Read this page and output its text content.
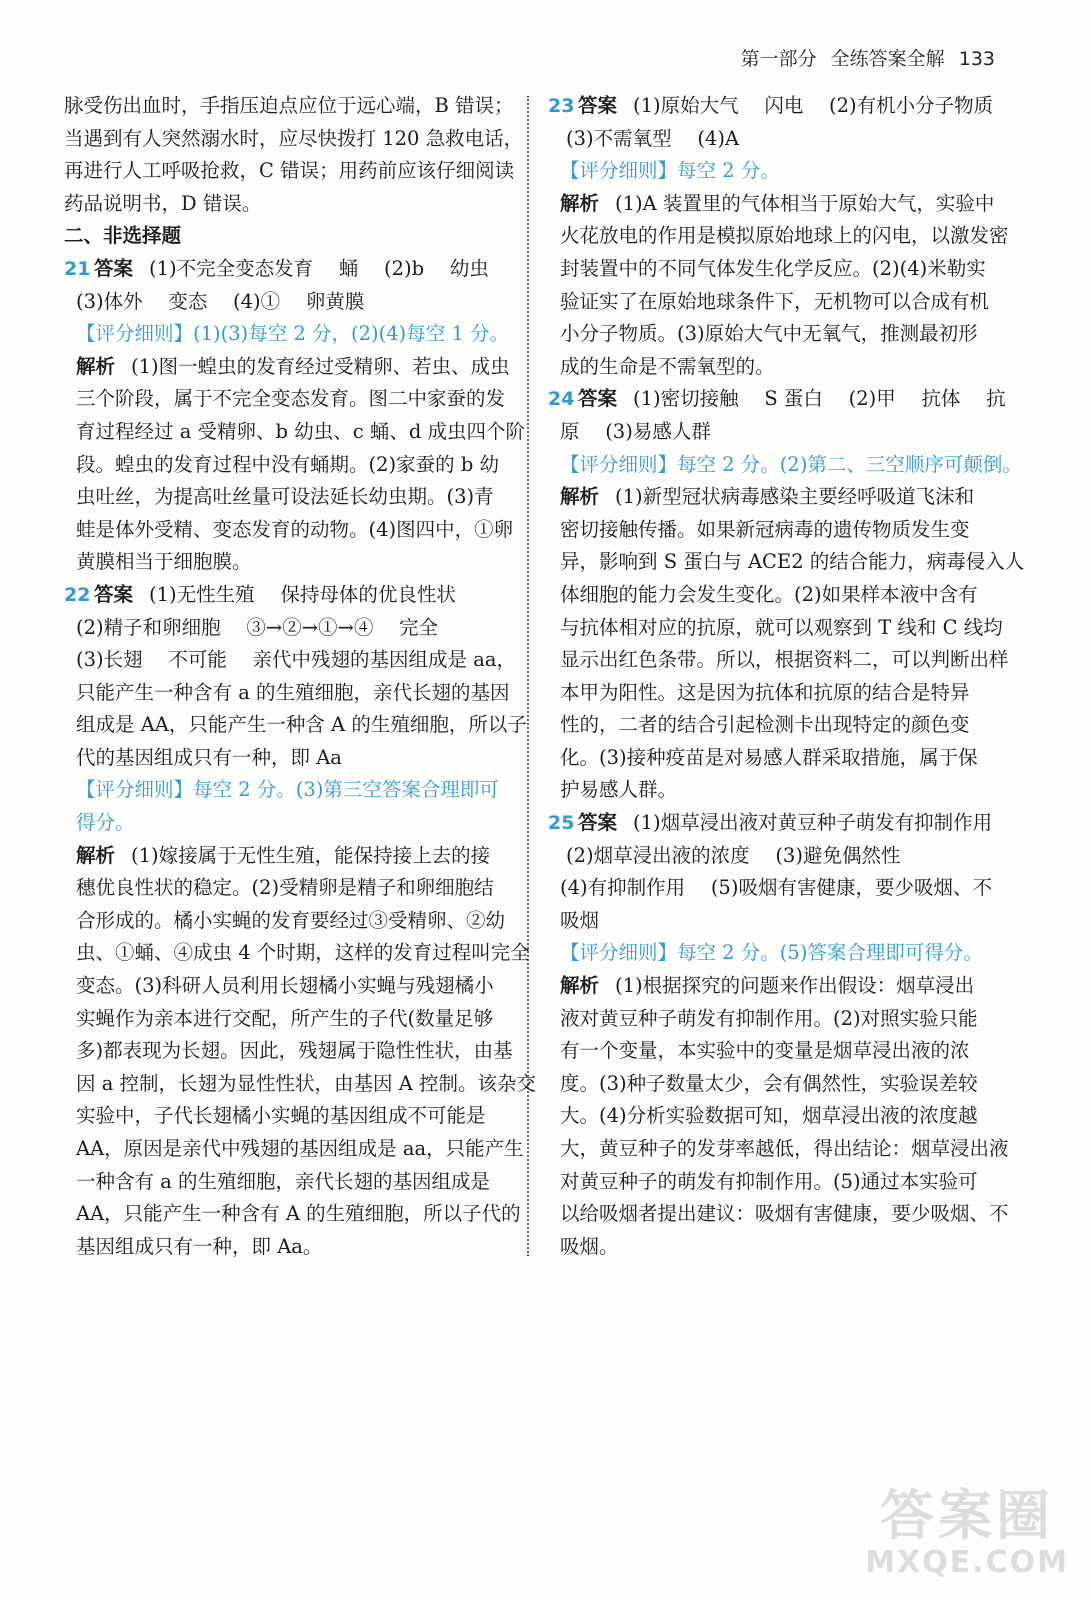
第一部分 全练答案全解 133
脉受伤出血时，手指压迫点应位于远心端，B 错误；
当遇到有人突然溺水时，应尽快拨打 120 急救电话，
再进行人工呼吸抢救，C 错误；用药前应该仔细阅读
药品说明书，D 错误。
二、非选择题
21 答案 (1)不完全变态发育　 蛹　 (2)b　 幼虫
(3)体外　 变态　 (4)①　 卵黄膜
【评分细则】(1)(3)每空 2 分，(2)(4)每空 1 分。
解析 (1)图一蝗虫的发育经过受精卵、若虫、成虫
三个阶段，属于不完全变态发育。图二中家蚕的发
育过程经过 a 受精卵、b 幼虫、c 蛹、d 成虫四个阶
段。蝗虫的发育过程中没有蛹期。(2)家蚕的 b 幼
虫吐丝，为提高吐丝量可设法延长幼虫期。(3)青
蛙是体外受精、变态发育的动物。(4)图四中，①卵
黄膜相当于细胞膜。
22 答案 (1)无性生殖　 保持母体的优良性状
(2)精子和卵细胞　 ③→②→①→④　 完全
(3)长翅　 不可能　 亲代中残翅的基因组成是 aa，
只能产生一种含有 a 的生殖细胞，亲代长翅的基因
组成是 AA，只能产生一种含 A 的生殖细胞，所以子
代的基因组成只有一种，即 Aa
【评分细则】每空 2 分。(3)第三空答案合理即可
得分。
解析 (1)嫁接属于无性生殖，能保持接上去的接
穗优良性状的稳定。(2)受精卵是精子和卵细胞结
合形成的。橘小实蝇的发育要经过③受精卵、②幼
虫、①蛹、④成虫 4 个时期，这样的发育过程叫完全
变态。(3)科研人员利用长翅橘小实蝇与残翅橘小
实蝇作为亲本进行交配，所产生的子代(数量足够
多)都表现为长翅。因此，残翅属于隐性性状，由基
因 a 控制，长翅为显性性状，由基因 A 控制。该杂交
实验中，子代长翅橘小实蝇的基因组成不可能是
AA，原因是亲代中残翅的基因组成是 aa，只能产生
一种含有 a 的生殖细胞，亲代长翅的基因组成是
AA，只能产生一种含有 A 的生殖细胞，所以子代的
基因组成只有一种，即 Aa。
23 答案 (1)原始大气　 闪电　 (2)有机小分子物质
(3)不需氧型　 (4)A
【评分细则】每空 2 分。
解析 (1)A 装置里的气体相当于原始大气，实验中
火花放电的作用是模拟原始地球上的闪电，以激发密
封装置中的不同气体发生化学反应。(2)(4)米勒实
验证实了在原始地球条件下，无机物可以合成有机
小分子物质。(3)原始大气中无氧气，推测最初形
成的生命是不需氧型的。
24 答案 (1)密切接触　 S 蛋白　 (2)甲　 抗体　 抗
原　 (3)易感人群
【评分细则】每空 2 分。(2)第二、三空顺序可颠倒。
解析 (1)新型冠状病毒感染主要经呼吸道飞沫和
密切接触传播。如果新冠病毒的遗传物质发生变
异，影响到 S 蛋白与 ACE2 的结合能力，病毒侵入人
体细胞的能力会发生变化。(2)如果样本液中含有
与抗体相对应的抗原，就可以观察到 T 线和 C 线均
显示出红色条带。所以，根据资料二，可以判断出样
本甲为阳性。这是因为抗体和抗原的结合是特异
性的，二者的结合引起检测卡出现特定的颜色变
化。(3)接种疫苗是对易感人群采取措施，属于保
护易感人群。
25 答案 (1)烟草浸出液对黄豆种子萌发有抑制作用
(2)烟草浸出液的浓度　 (3)避免偶然性
(4)有抑制作用　 (5)吸烟有害健康，要少吸烟、不
吸烟
【评分细则】每空 2 分。(5)答案合理即可得分。
解析 (1)根据探究的问题来作出假设：烟草浸出
液对黄豆种子萌发有抑制作用。(2)对照实验只能
有一个变量，本实验中的变量是烟草浸出液的浓
度。(3)种子数量太少，会有偶然性，实验误差较
大。(4)分析实验数据可知，烟草浸出液的浓度越
大，黄豆种子的发芽率越低，得出结论：烟草浸出液
对黄豆种子的萌发有抑制作用。(5)通过本实验可
以给吸烟者提出建议：吸烟有害健康，要少吸烟、不
吸烟。
答案圈
MXQE.COM
